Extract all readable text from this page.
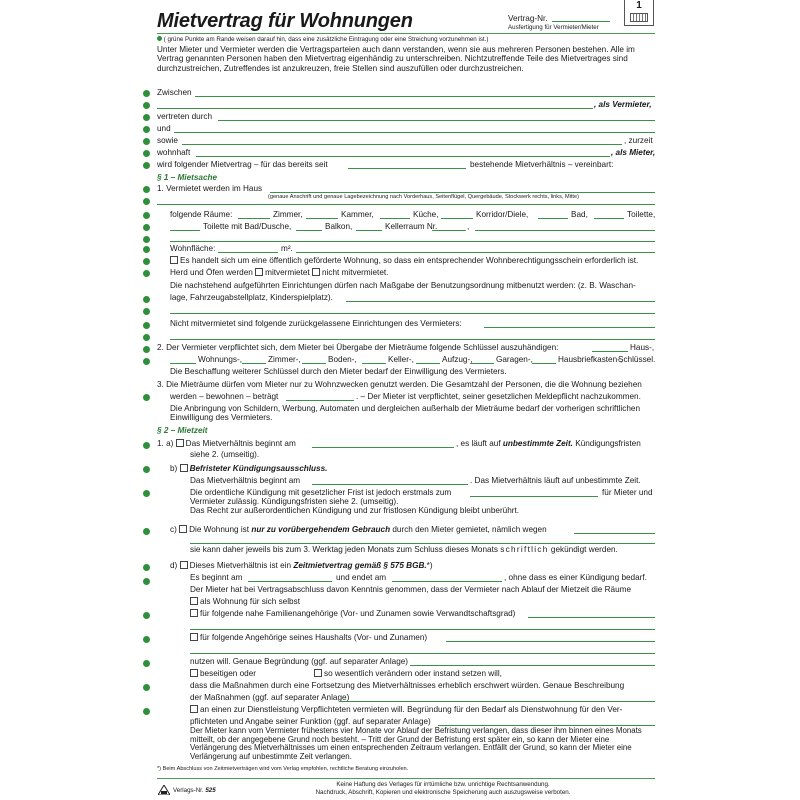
Mietvertrag für Wohnungen	Vertrag-Nr.
Ausfertigung für Vermieter/Mieter
1
( grüne Punkte am Rande weisen darauf hin, dass eine zusätzliche Eintragung oder eine Streichung vorzunehmen ist.)
Unter Mieter und Vermieter werden die Vertragsparteien auch dann verstanden, wenn sie aus mehreren Personen bestehen. Alle im Vertrag genannten Personen haben den Mietvertrag eigenhändig zu unterschreiben. Nichtzutreffende Teile des Mietvertrages sind durchzustreichen, Zutreffendes ist anzukreuzen, freie Stellen sind auszufüllen oder durchzustreichen.
Zwischen
, als Vermieter,
vertreten durch
und
sowie	, zurzeit
wohnhaft	, als Mieter,
wird folgender Mietvertrag – für das bereits seit	bestehende Mietverhältnis – vereinbart:
§ 1 – Mietsache
1. Vermietet werden im Haus
(genaue Anschrift und genaue Lagebezeichnung nach Vorderhaus, Seitenflügel, Quergebäude, Stockwerk rechts, links, Mitte)
folgende Räume:	Zimmer,	Kammer,	Küche,	Korridor/Diele,	Bad,	Toilette,
Toilette mit Bad/Dusche,	Balkon,	Kellerraum Nr.	,
Wohnfläche:	m².
Es handelt sich um eine öffentlich geförderte Wohnung, so dass ein entsprechender Wohnberechtigungsschein erforderlich ist.
Herd und Öfen werden mitvermietet nicht mitvermietet.
Die nachstehend aufgeführten Einrichtungen dürfen nach Maßgabe der Benutzungsordnung mitbenutzt werden: (z. B. Waschan-
lage, Fahrzeugabstellplatz, Kinderspielplatz).
Nicht mitvermietet sind folgende zurückgelassene Einrichtungen des Vermieters:
2. Der Vermieter verpflichtet sich, dem Mieter bei Übergabe der Mieträume folgende Schlüssel auszuhändigen:	Haus-,
Wohnungs-,	Zimmer-,	Boden-,	Keller-,	Aufzug-,	Garagen-,	Hausbriefkasten-,
Schlüssel.
Die Beschaffung weiterer Schlüssel durch den Mieter bedarf der Einwilligung des Vermieters.
3. Die Mieträume dürfen vom Mieter nur zu Wohnzwecken genutzt werden. Die Gesamtzahl der Personen, die die Wohnung beziehen
werden – bewohnen – beträgt	. – Der Mieter ist verpflichtet, seiner gesetzlichen Meldepflicht nachzukommen.
Die Anbringung von Schildern, Werbung, Automaten und dergleichen außerhalb der Mieträume bedarf der vorherigen schriftlichen Einwilligung des Vermieters.
§ 2 – Mietzeit
1. a) Das Mietverhältnis beginnt am	, es läuft auf unbestimmte Zeit. Kündigungsfristen
siehe 2. (umseitig).
b) Befristeter Kündigungsausschluss.
Das Mietverhältnis beginnt am	. Das Mietverhältnis läuft auf unbestimmte Zeit.
Die ordentliche Kündigung mit gesetzlicher Frist ist jedoch erstmals zum	für Mieter und
Vermieter zulässig. Kündigungsfristen siehe 2. (umseitig).
Das Recht zur außerordentlichen Kündigung und zur fristlosen Kündigung bleibt unberührt.
c) Die Wohnung ist nur zu vorübergehendem Gebrauch durch den Mieter gemietet, nämlich wegen
sie kann daher jeweils bis zum 3. Werktag jeden Monats zum Schluss dieses Monats schriftlich gekündigt werden.
d) Dieses Mietverhältnis ist ein Zeitmietvertrag gemäß § 575 BGB.*)
Es beginnt am	und endet am	, ohne dass es einer Kündigung bedarf.
Der Mieter hat bei Vertragsabschluss davon Kenntnis genommen, dass der Vermieter nach Ablauf der Mietzeit die Räume
als Wohnung für sich selbst
für folgende nahe Familienangehörige (Vor- und Zunamen sowie Verwandtschaftsgrad)
für folgende Angehörige seines Haushalts (Vor- und Zunamen)
nutzen will. Genaue Begründung (ggf. auf separater Anlage)
beseitigen oder	so wesentlich verändern oder instand setzen will,
dass die Maßnahmen durch eine Fortsetzung des Mietverhältnisses erheblich erschwert würden. Genaue Beschreibung
der Maßnahmen (ggf. auf separater Anlage)
an einen zur Dienstleistung Verpflichteten vermieten will. Begründung für den Bedarf als Dienstwohnung für den Ver-
pflichteten und Angabe seiner Funktion (ggf. auf separater Anlage)
Der Mieter kann vom Vermieter frühestens vier Monate vor Ablauf der Befristung verlangen, dass dieser ihm binnen eines Monats mitteilt, ob der angegebene Grund noch besteht. – Tritt der Grund der Befristung erst später ein, so kann der Mieter eine Verlängerung des Mietverhältnisses um einen entsprechenden Zeitraum verlangen. Entfällt der Grund, so kann der Mieter eine Verlängerung auf unbestimmte Zeit verlangen.
*) Beim Abschluss von Zeitmietverträgen wird vom Verlag empfohlen, rechtliche Beratung einzuholen.
Verlags-Nr. 525
Keine Haftung des Verlages für irrtümliche bzw. unrichtige Rechtsanwendung.
Nachdruck, Abschrift, Kopieren und elektronische Speicherung auch auszugsweise verboten.
